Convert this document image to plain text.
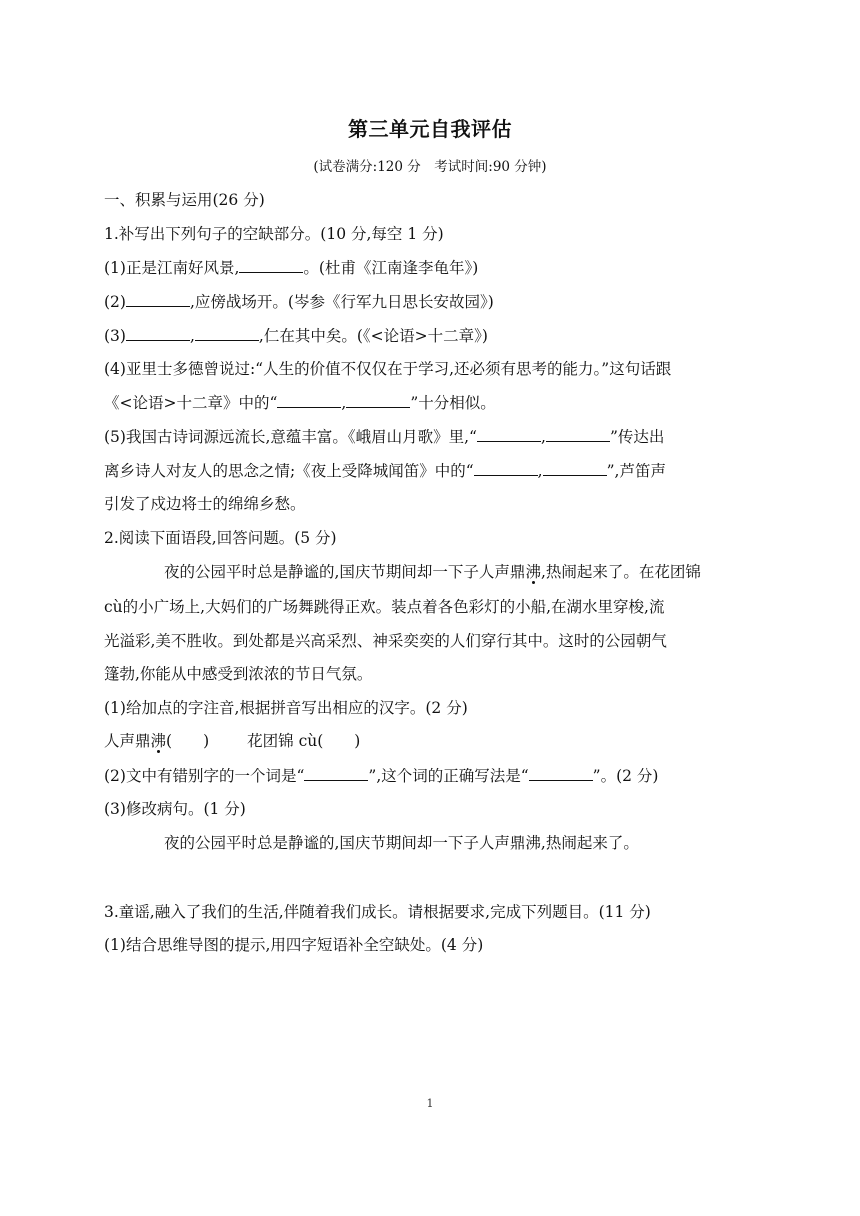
第三单元自我评估
(试卷满分:120 分　考试时间:90 分钟)
一、积累与运用(26 分)
1.补写出下列句子的空缺部分。(10 分,每空 1 分)
(1)正是江南好风景,	。(杜甫《江南逢李龟年》)
(2)	,应傍战场开。(岑参《行军九日思长安故园》)
(3)	,	,仁在其中矣。(《<论语>十二章》)
(4)亚里士多德曾说过:“人生的价值不仅仅在于学习,还必须有思考的能力。”这句话跟
《<论语>十二章》中的“	,	”十分相似。
(5)我国古诗词源远流长,意蕴丰富。《峨眉山月歌》里,“	,	”传达出
离乡诗人对友人的思念之情;《夜上受降城闻笛》中的“	,	”,芦笛声
引发了戍边将士的绵绵乡愁。
2.阅读下面语段,回答问题。(5 分)
夜的公园平时总是静谧的,国庆节期间却一下子人声鼎沸,热闹起来了。在花团锦
cù的小广场上,大妈们的广场舞跳得正欢。装点着各色彩灯的小船,在湖水里穿梭,流
光溢彩,美不胜收。到处都是兴高采烈、神采奕奕的人们穿行其中。这时的公园朝气
篷勃,你能从中感受到浓浓的节日气氛。
(1)给加点的字注音,根据拼音写出相应的汉字。(2 分)
人声鼎沸(　　) 花团锦 cù(　　)
(2)文中有错别字的一个词是“	”,这个词的正确写法是“	”。(2 分)
(3)修改病句。(1 分)
夜的公园平时总是静谧的,国庆节期间却一下子人声鼎沸,热闹起来了。
3.童谣,融入了我们的生活,伴随着我们成长。请根据要求,完成下列题目。(11 分)
(1)结合思维导图的提示,用四字短语补全空缺处。(4 分)
1
